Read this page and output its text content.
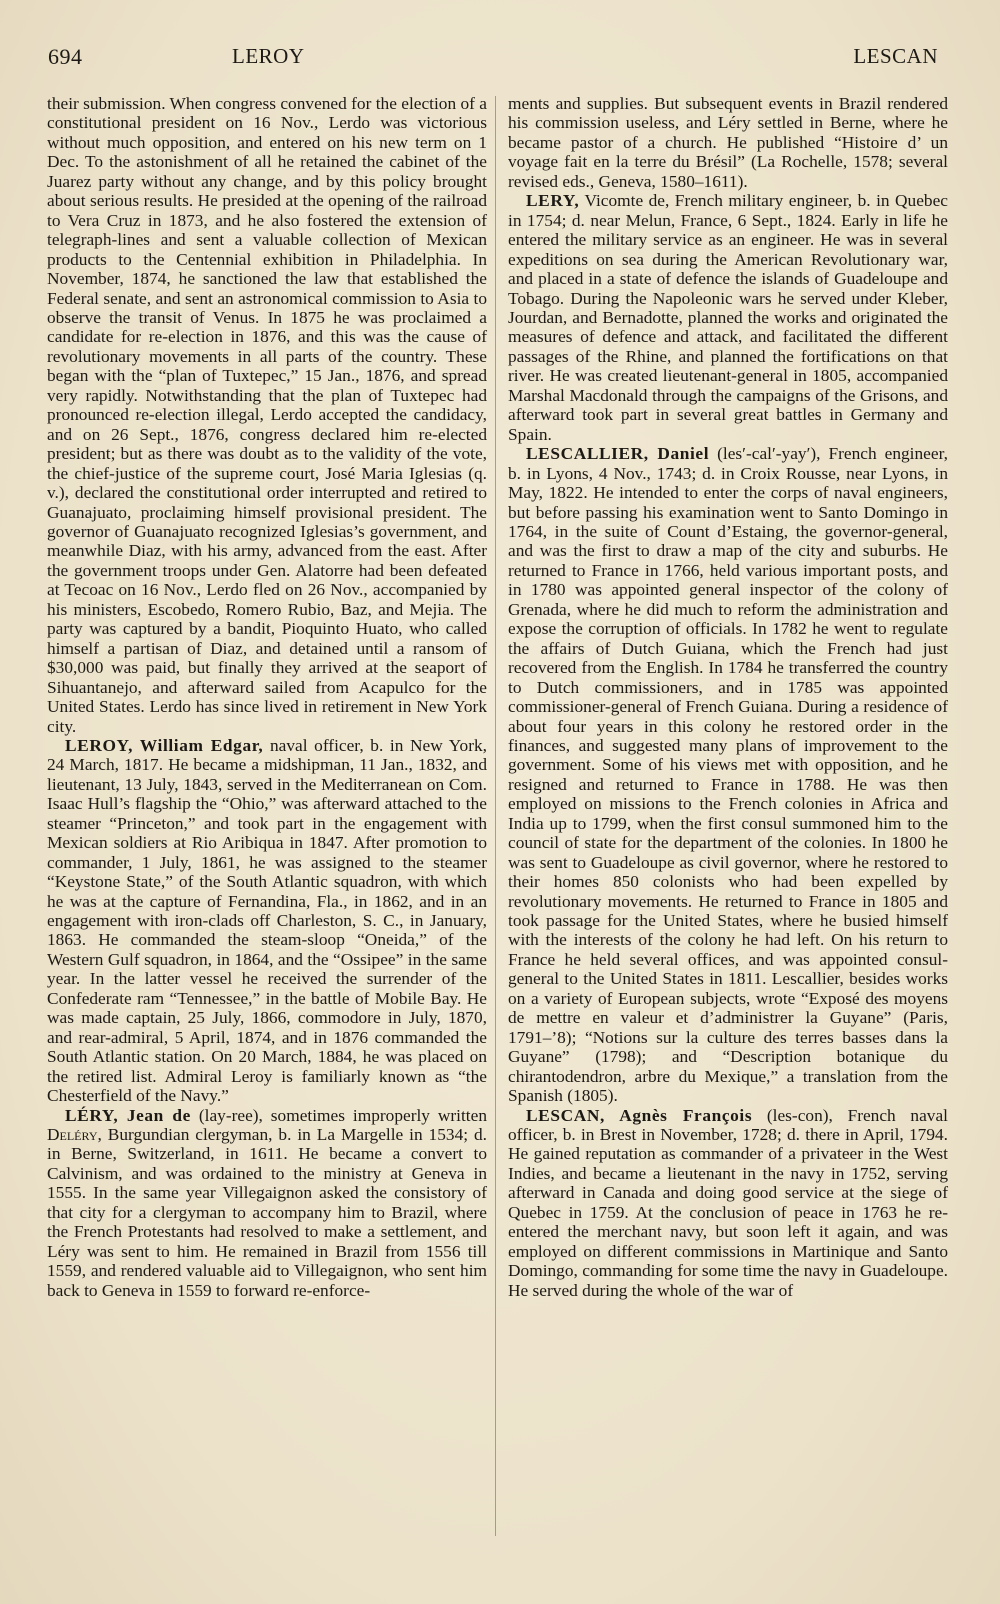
694	LEROY	LESCAN

their submission. When congress convened for the election of a constitutional president on 16 Nov., Lerdo was victorious without much opposition, and entered on his new term on 1 Dec. To the astonishment of all he retained the cabinet of the Juarez party without any change, and by this policy brought about serious results. He presided at the opening of the railroad to Vera Cruz in 1873, and he also fostered the extension of telegraph-lines and sent a valuable collection of Mexican products to the Centennial exhibition in Philadelphia. In November, 1874, he sanctioned the law that established the Federal senate, and sent an astronomical commission to Asia to observe the transit of Venus. In 1875 he was proclaimed a candidate for re-election in 1876, and this was the cause of revolutionary movements in all parts of the country. These began with the “plan of Tuxtepec,” 15 Jan., 1876, and spread very rapidly. Notwithstanding that the plan of Tuxtepec had pronounced re-election illegal, Lerdo accepted the candidacy, and on 26 Sept., 1876, congress declared him re-elected president; but as there was doubt as to the validity of the vote, the chief-justice of the supreme court, José Maria Iglesias (q. v.), declared the constitutional order interrupted and retired to Guanajuato, proclaiming himself provisional president. The governor of Guanajuato recognized Iglesias’s government, and meanwhile Diaz, with his army, advanced from the east. After the government troops under Gen. Alatorre had been defeated at Tecoac on 16 Nov., Lerdo fled on 26 Nov., accompanied by his ministers, Escobedo, Romero Rubio, Baz, and Mejia. The party was captured by a bandit, Pioquinto Huato, who called himself a partisan of Diaz, and detained until a ransom of $30,000 was paid, but finally they arrived at the seaport of Sihuantanejo, and afterward sailed from Acapulco for the United States. Lerdo has since lived in retirement in New York city.

LEROY, William Edgar, naval officer, b. in New York, 24 March, 1817. He became a midshipman, 11 Jan., 1832, and lieutenant, 13 July, 1843, served in the Mediterranean on Com. Isaac Hull’s flagship the “Ohio,” was afterward attached to the steamer “Princeton,” and took part in the engagement with Mexican soldiers at Rio Aribiqua in 1847. After promotion to commander, 1 July, 1861, he was assigned to the steamer “Keystone State,” of the South Atlantic squadron, with which he was at the capture of Fernandina, Fla., in 1862, and in an engagement with iron-clads off Charleston, S. C., in January, 1863. He commanded the steam-sloop “Oneida,” of the Western Gulf squadron, in 1864, and the “Ossipee” in the same year. In the latter vessel he received the surrender of the Confederate ram “Tennessee,” in the battle of Mobile Bay. He was made captain, 25 July, 1866, commodore in July, 1870, and rear-admiral, 5 April, 1874, and in 1876 commanded the South Atlantic station. On 20 March, 1884, he was placed on the retired list. Admiral Leroy is familiarly known as “the Chesterfield of the Navy.”

LÉRY, Jean de (lay-ree), sometimes improperly written Deléry, Burgundian clergyman, b. in La Margelle in 1534; d. in Berne, Switzerland, in 1611. He became a convert to Calvinism, and was ordained to the ministry at Geneva in 1555. In the same year Villegaignon asked the consistory of that city for a clergyman to accompany him to Brazil, where the French Protestants had resolved to make a settlement, and Léry was sent to him. He remained in Brazil from 1556 till 1559, and rendered valuable aid to Villegaignon, who sent him back to Geneva in 1559 to forward re-enforce-

ments and supplies. But subsequent events in Brazil rendered his commission useless, and Léry settled in Berne, where he became pastor of a church. He published “Histoire d’ un voyage fait en la terre du Brésil” (La Rochelle, 1578; several revised eds., Geneva, 1580–1611).

LERY, Vicomte de, French military engineer, b. in Quebec in 1754; d. near Melun, France, 6 Sept., 1824. Early in life he entered the military service as an engineer. He was in several expeditions on sea during the American Revolutionary war, and placed in a state of defence the islands of Guadeloupe and Tobago. During the Napoleonic wars he served under Kleber, Jourdan, and Bernadotte, planned the works and originated the measures of defence and attack, and facilitated the different passages of the Rhine, and planned the fortifications on that river. He was created lieutenant-general in 1805, accompanied Marshal Macdonald through the campaigns of the Grisons, and afterward took part in several great battles in Germany and Spain.

LESCALLIER, Daniel (les′-cal′-yay′), French engineer, b. in Lyons, 4 Nov., 1743; d. in Croix Rousse, near Lyons, in May, 1822. He intended to enter the corps of naval engineers, but before passing his examination went to Santo Domingo in 1764, in the suite of Count d’Estaing, the governor-general, and was the first to draw a map of the city and suburbs. He returned to France in 1766, held various important posts, and in 1780 was appointed general inspector of the colony of Grenada, where he did much to reform the administration and expose the corruption of officials. In 1782 he went to regulate the affairs of Dutch Guiana, which the French had just recovered from the English. In 1784 he transferred the country to Dutch commissioners, and in 1785 was appointed commissioner-general of French Guiana. During a residence of about four years in this colony he restored order in the finances, and suggested many plans of improvement to the government. Some of his views met with opposition, and he resigned and returned to France in 1788. He was then employed on missions to the French colonies in Africa and India up to 1799, when the first consul summoned him to the council of state for the department of the colonies. In 1800 he was sent to Guadeloupe as civil governor, where he restored to their homes 850 colonists who had been expelled by revolutionary movements. He returned to France in 1805 and took passage for the United States, where he busied himself with the interests of the colony he had left. On his return to France he held several offices, and was appointed consul-general to the United States in 1811. Lescallier, besides works on a variety of European subjects, wrote “Exposé des moyens de mettre en valeur et d’administrer la Guyane” (Paris, 1791–’8); “Notions sur la culture des terres basses dans la Guyane” (1798); and “Description botanique du chirantodendron, arbre du Mexique,” a translation from the Spanish (1805).

LESCAN, Agnès François (les-con), French naval officer, b. in Brest in November, 1728; d. there in April, 1794. He gained reputation as commander of a privateer in the West Indies, and became a lieutenant in the navy in 1752, serving afterward in Canada and doing good service at the siege of Quebec in 1759. At the conclusion of peace in 1763 he re-entered the merchant navy, but soon left it again, and was employed on different commissions in Martinique and Santo Domingo, commanding for some time the navy in Guadeloupe. He served during the whole of the war of
